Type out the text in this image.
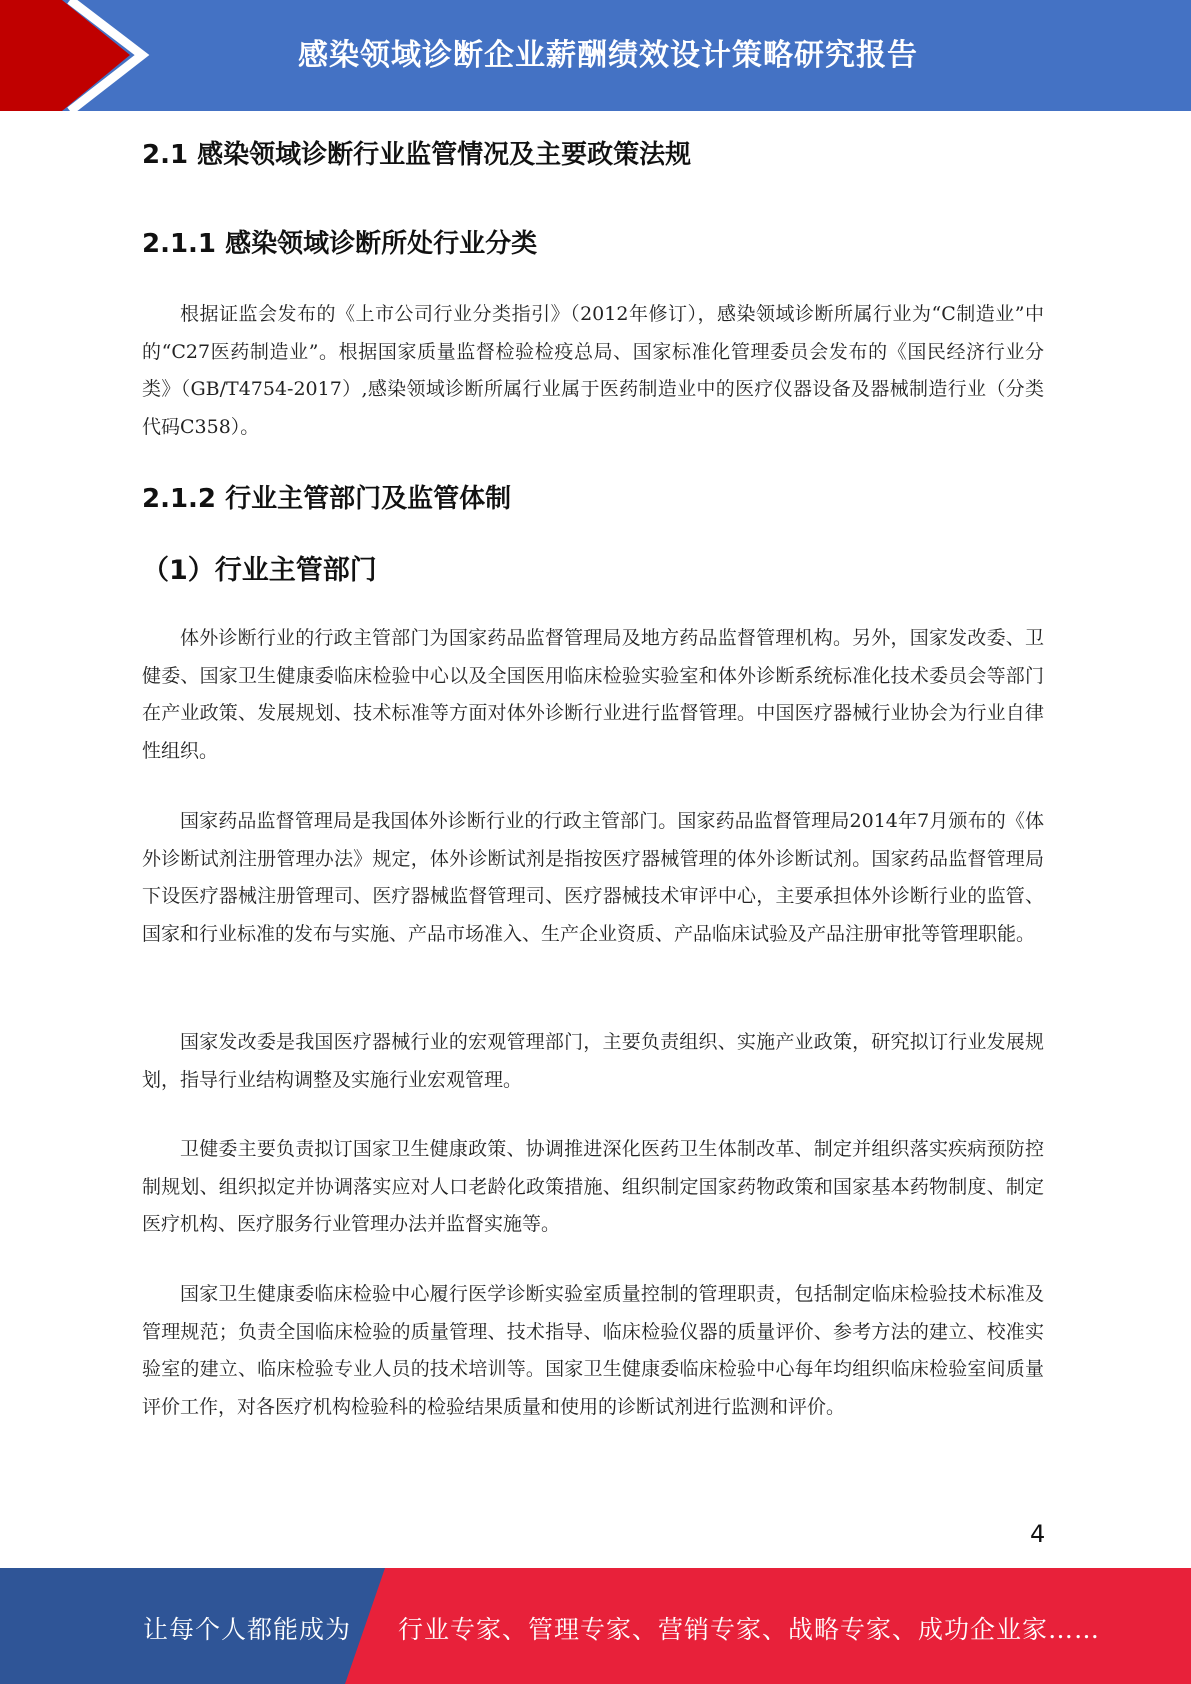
感染领域诊断企业薪酬绩效设计策略研究报告
2.1 感染领域诊断行业监管情况及主要政策法规
2.1.1 感染领域诊断所处行业分类

根据证监会发布的《上市公司行业分类指引》（2012年修订），感染领域诊断所属行业为“C制造业”中的“C27医药制造业”。根据国家质量监督检验检疫总局、国家标准化管理委员会发布的《国民经济行业分类》（GB/T4754-2017）,感染领域诊断所属行业属于医药制造业中的医疗仪器设备及器械制造行业（分类代码C358）。

2.1.2 行业主管部门及监管体制
（1）行业主管部门

体外诊断行业的行政主管部门为国家药品监督管理局及地方药品监督管理机构。另外，国家发改委、卫健委、国家卫生健康委临床检验中心以及全国医用临床检验实验室和体外诊断系统标准化技术委员会等部门在产业政策、发展规划、技术标准等方面对体外诊断行业进行监督管理。中国医疗器械行业协会为行业自律性组织。

国家药品监督管理局是我国体外诊断行业的行政主管部门。国家药品监督管理局2014年7月颁布的《体外诊断试剂注册管理办法》规定，体外诊断试剂是指按医疗器械管理的体外诊断试剂。国家药品监督管理局下设医疗器械注册管理司、医疗器械监督管理司、医疗器械技术审评中心，主要承担体外诊断行业的监管、国家和行业标准的发布与实施、产品市场准入、生产企业资质、产品临床试验及产品注册审批等管理职能。

国家发改委是我国医疗器械行业的宏观管理部门，主要负责组织、实施产业政策，研究拟订行业发展规划，指导行业结构调整及实施行业宏观管理。

卫健委主要负责拟订国家卫生健康政策、协调推进深化医药卫生体制改革、制定并组织落实疾病预防控制规划、组织拟定并协调落实应对人口老龄化政策措施、组织制定国家药物政策和国家基本药物制度、制定医疗机构、医疗服务行业管理办法并监督实施等。

国家卫生健康委临床检验中心履行医学诊断实验室质量控制的管理职责，包括制定临床检验技术标准及管理规范；负责全国临床检验的质量管理、技术指导、临床检验仪器的质量评价、参考方法的建立、校准实验室的建立、临床检验专业人员的技术培训等。国家卫生健康委临床检验中心每年均组织临床检验室间质量评价工作，对各医疗机构检验科的检验结果质量和使用的诊断试剂进行监测和评价。

4
让每个人都能成为 行业专家、管理专家、营销专家、战略专家、成功企业家……
